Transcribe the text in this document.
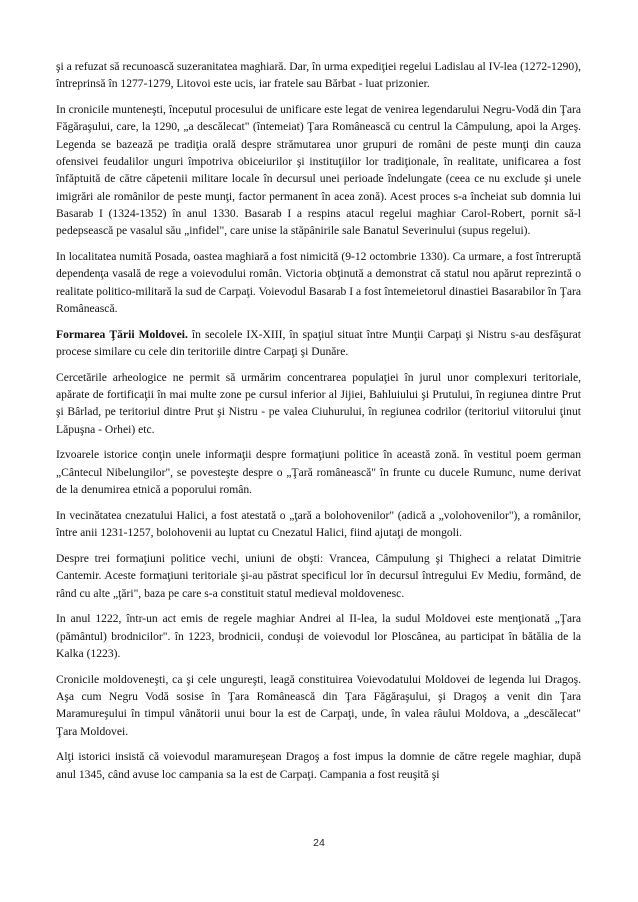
şi a refuzat să recunoască suzeranitatea maghiară. Dar, în urma expediţiei regelui Ladislau al IV-lea (1272-1290), întreprinsă în 1277-1279, Litovoi este ucis, iar fratele sau Bărbat - luat prizonier.

In cronicile munteneşti, începutul procesului de unificare este legat de venirea legendarului Negru-Vodă din Ţara Făgăraşului, care, la 1290, „a descălecat" (întemeiat) Ţara Românească cu centrul la Câmpulung, apoi la Argeş. Legenda se bazează pe tradiţia orală despre strămutarea unor grupuri de români de peste munţi din cauza ofensivei feudalilor unguri împotriva obiceiurilor şi instituţiilor lor tradiţionale, în realitate, unificarea a fost înfăptuită de către căpetenii militare locale în decursul unei perioade îndelungate (ceea ce nu exclude şi unele imigrări ale românilor de peste munţi, factor permanent în acea zonă). Acest proces s-a încheiat sub domnia lui Basarab I (1324-1352) în anul 1330. Basarab I a respins atacul regelui maghiar Carol-Robert, pornit să-l pedepsească pe vasalul său „infidel", care unise la stăpânirile sale Banatul Severinului (supus regelui).

In localitatea numită Posada, oastea maghiară a fost nimicită (9-12 octombrie 1330). Ca urmare, a fost întreruptă dependenţa vasală de rege a voievodului român. Victoria obţinută a demonstrat că statul nou apărut reprezintă o realitate politico-militară la sud de Carpaţi. Voievodul Basarab I a fost întemeietorul dinastiei Basarabilor în Ţara Românească.

Formarea Ţării Moldovei. în secolele IX-XIII, în spaţiul situat între Munţii Carpaţi şi Nistru s-au desfăşurat procese similare cu cele din teritoriile dintre Carpaţi şi Dunăre.

Cercetările arheologice ne permit să urmărim concentrarea populaţiei în jurul unor complexuri teritoriale, apărate de fortificaţii în mai multe zone pe cursul inferior al Jijiei, Bahluiului şi Prutului, în regiunea dintre Prut şi Bârlad, pe teritoriul dintre Prut şi Nistru - pe valea Ciuhurului, în regiunea codrilor (teritoriul viitorului ţinut Lăpuşna - Orhei) etc.

Izvoarele istorice conţin unele informaţii despre formaţiuni politice în această zonă. în vestitul poem german „Cântecul Nibelungilor", se povesteşte despre o „Ţară românească" în frunte cu ducele Rumunc, nume derivat de la denumirea etnică a poporului român.

In vecinătatea cnezatului Halici, a fost atestată o „ţară a bolohovenilor" (adică a „volohovenilor"), a românilor, între anii 1231-1257, bolohovenii au luptat cu Cnezatul Halici, fiind ajutaţi de mongoli.

Despre trei formaţiuni politice vechi, uniuni de obşti: Vrancea, Câmpulung şi Thigheci a relatat Dimitrie Cantemir. Aceste formaţiuni teritoriale şi-au păstrat specificul lor în decursul întregului Ev Mediu, formând, de rând cu alte „ţări", baza pe care s-a constituit statul medieval moldovenesc.

In anul 1222, într-un act emis de regele maghiar Andrei al II-lea, la sudul Moldovei este menţionată „Ţara (pământul) brodnicilor". în 1223, brodnicii, conduşi de voievodul lor Ploscânea, au participat în bătălia de la Kalka (1223).

Cronicile moldoveneşti, ca şi cele ungureşti, leagă constituirea Voievodatului Moldovei de legenda lui Dragoş. Aşa cum Negru Vodă sosise în Ţara Românească din Ţara Făgăraşului, şi Dragoş a venit din Ţara Maramureşului în timpul vânătorii unui bour la est de Carpaţi, unde, în valea râului Moldova, a „descălecat" Ţara Moldovei.

Alţi istorici insistă că voievodul maramureşean Dragoş a fost impus la domnie de către regele maghiar, după anul 1345, când avuse loc campania sa la est de Carpaţi. Campania a fost reuşită şi

24
